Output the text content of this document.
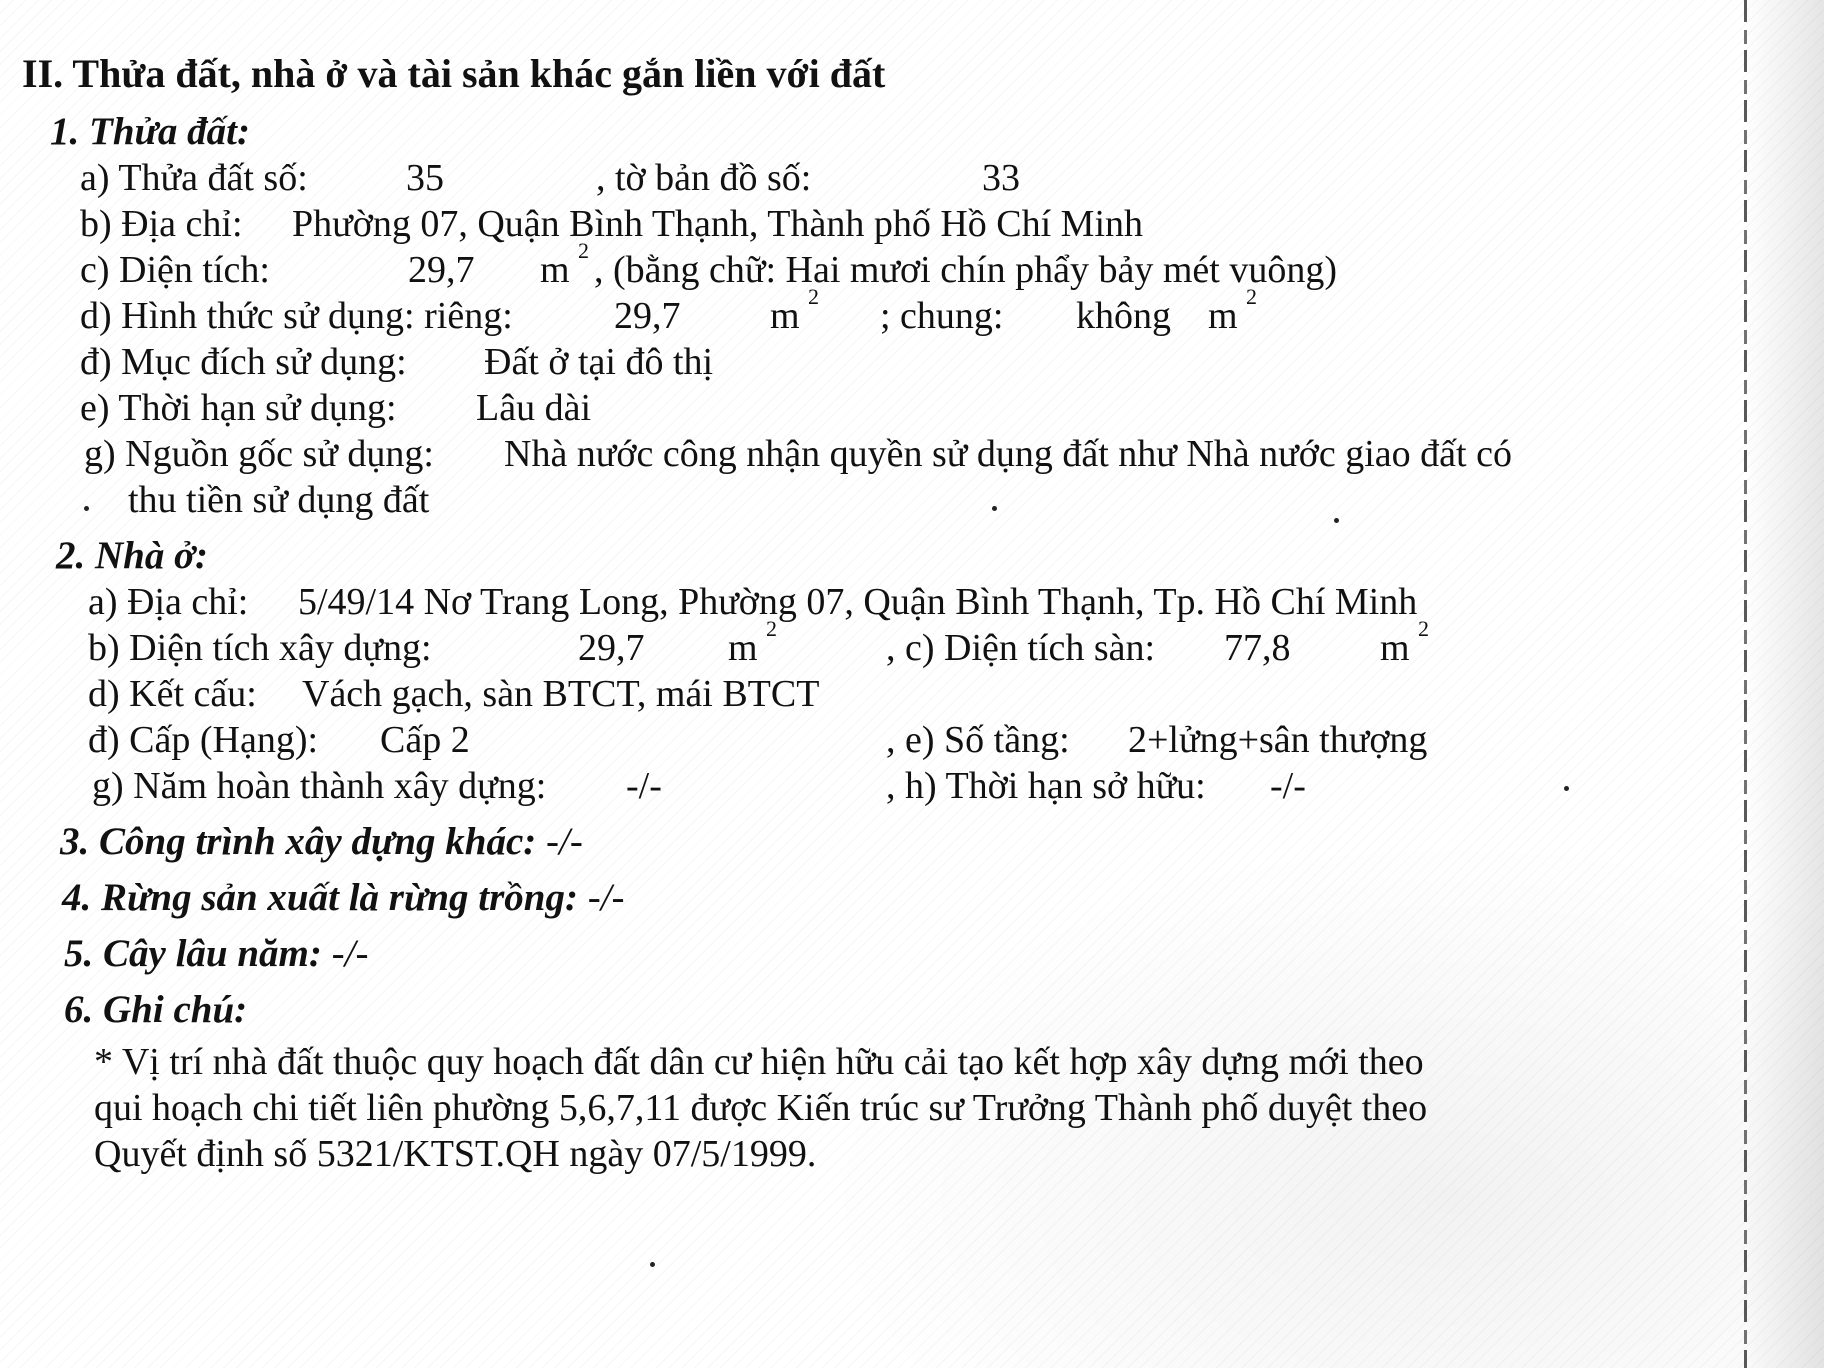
II. Thửa đất, nhà ở và tài sản khác gắn liền với đất
1. Thửa đất:
a) Thửa đất số:	35	, tờ bản đồ số:	33
b) Địa chỉ: Phường 07, Quận Bình Thạnh, Thành phố Hồ Chí Minh
c) Diện tích:	29,7 m 2 , (bằng chữ: Hai mươi chín phẩy bảy mét vuông)
d) Hình thức sử dụng: riêng:	29,7 m 2 ; chung: không m 2
đ) Mục đích sử dụng: Đất ở tại đô thị
e) Thời hạn sử dụng: Lâu dài
g) Nguồn gốc sử dụng: Nhà nước công nhận quyền sử dụng đất như Nhà nước giao đất có
thu tiền sử dụng đất
2. Nhà ở:
a) Địa chỉ: 5/49/14 Nơ Trang Long, Phường 07, Quận Bình Thạnh, Tp. Hồ Chí Minh
b) Diện tích xây dựng:	29,7 m 2	, c) Diện tích sàn: 77,8 m 2
d) Kết cấu: Vách gạch, sàn BTCT, mái BTCT
đ) Cấp (Hạng): Cấp 2	, e) Số tầng: 2+lửng+sân thượng
g) Năm hoàn thành xây dựng: -/-	, h) Thời hạn sở hữu: -/-
3. Công trình xây dựng khác: -/-
4. Rừng sản xuất là rừng trồng: -/-
5. Cây lâu năm: -/-
6. Ghi chú:
* Vị trí nhà đất thuộc quy hoạch đất dân cư hiện hữu cải tạo kết hợp xây dựng mới theo
qui hoạch chi tiết liên phường 5,6,7,11 được Kiến trúc sư Trưởng Thành phố duyệt theo
Quyết định số 5321/KTST.QH ngày 07/5/1999.
